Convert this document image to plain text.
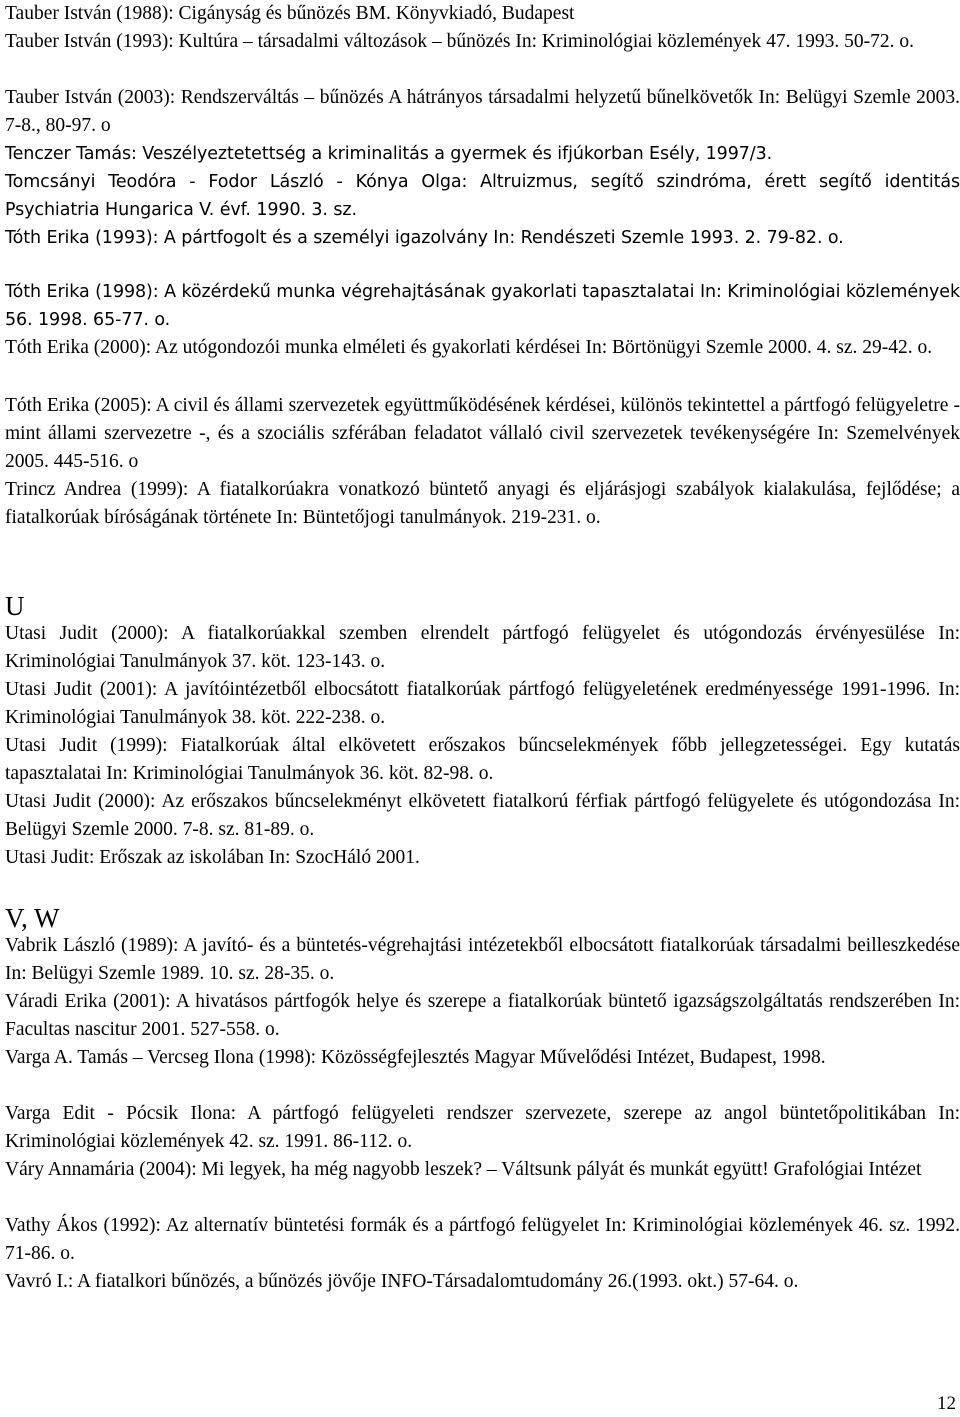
Tauber István (1988): Cigányság és bűnözés BM. Könyvkiadó, Budapest

Tauber István (1993): Kultúra – társadalmi változások – bűnözés In: Kriminológiai közlemények 47. 1993. 50-72. o.

Tauber István (2003): Rendszerváltás – bűnözés A hátrányos társadalmi helyzetű bűnelkövetők In: Belügyi Szemle 2003. 7-8., 80-97. o

Tenczer Tamás: Veszélyeztetettség a kriminalitás a gyermek és ifjúkorban Esély, 1997/3.

Tomcsányi Teodóra - Fodor László - Kónya Olga: Altruizmus, segítő szindróma, érett segítő identitás Psychiatria Hungarica V. évf. 1990. 3. sz.

Tóth Erika (1993): A pártfogolt és a személyi igazolvány In: Rendészeti Szemle 1993. 2. 79-82. o.

Tóth Erika (1998): A közérdekű munka végrehajtásának gyakorlati tapasztalatai In: Kriminológiai közlemények 56. 1998. 65-77. o.

Tóth Erika (2000): Az utógondozói munka elméleti és gyakorlati kérdései In: Börtönügyi Szemle 2000. 4. sz. 29-42. o.

Tóth Erika (2005): A civil és állami szervezetek együttműködésének kérdései, különös tekintettel a pártfogó felügyeletre - mint állami szervezetre -, és a szociális szférában feladatot vállaló civil szervezetek tevékenységére In: Szemelvények 2005. 445-516. o

Trincz Andrea (1999): A fiatalkorúakra vonatkozó büntető anyagi és eljárásjogi szabályok kialakulása, fejlődése; a fiatalkorúak bíróságának története In: Büntetőjogi tanulmányok. 219-231. o.

U

Utasi Judit (2000): A fiatalkorúakkal szemben elrendelt pártfogó felügyelet és utógondozás érvényesülése In: Kriminológiai Tanulmányok 37. köt. 123-143. o.

Utasi Judit (2001): A javítóintézetből elbocsátott fiatalkorúak pártfogó felügyeletének eredményessége 1991-1996. In: Kriminológiai Tanulmányok 38. köt. 222-238. o.

Utasi Judit (1999): Fiatalkorúak által elkövetett erőszakos bűncselekmények főbb jellegzetességei. Egy kutatás tapasztalatai In: Kriminológiai Tanulmányok 36. köt. 82-98. o.

Utasi Judit (2000): Az erőszakos bűncselekményt elkövetett fiatalkorú férfiak pártfogó felügyelete és utógondozása In: Belügyi Szemle 2000. 7-8. sz. 81-89. o.

Utasi Judit: Erőszak az iskolában In: SzocHáló 2001.

V, W

Vabrik László (1989): A javító- és a büntetés-végrehajtási intézetekből elbocsátott fiatalkorúak társadalmi beilleszkedése In: Belügyi Szemle 1989. 10. sz. 28-35. o.

Váradi Erika (2001): A hivatásos pártfogók helye és szerepe a fiatalkorúak büntető igazságszolgáltatás rendszerében In: Facultas nascitur 2001. 527-558. o.

Varga A. Tamás – Vercseg Ilona (1998): Közösségfejlesztés Magyar Művelődési Intézet, Budapest, 1998.

Varga Edit - Pócsik Ilona: A pártfogó felügyeleti rendszer szervezete, szerepe az angol büntetőpolitikában In: Kriminológiai közlemények 42. sz. 1991. 86-112. o.

Váry Annamária (2004): Mi legyek, ha még nagyobb leszek? – Váltsunk pályát és munkát együtt! Grafológiai Intézet

Vathy Ákos (1992): Az alternatív büntetési formák és a pártfogó felügyelet In: Kriminológiai közlemények 46. sz. 1992. 71-86. o.

Vavró I.: A fiatalkori bűnözés, a bűnözés jövője INFO-Társadalomtudomány 26.(1993. okt.) 57-64. o.

12
